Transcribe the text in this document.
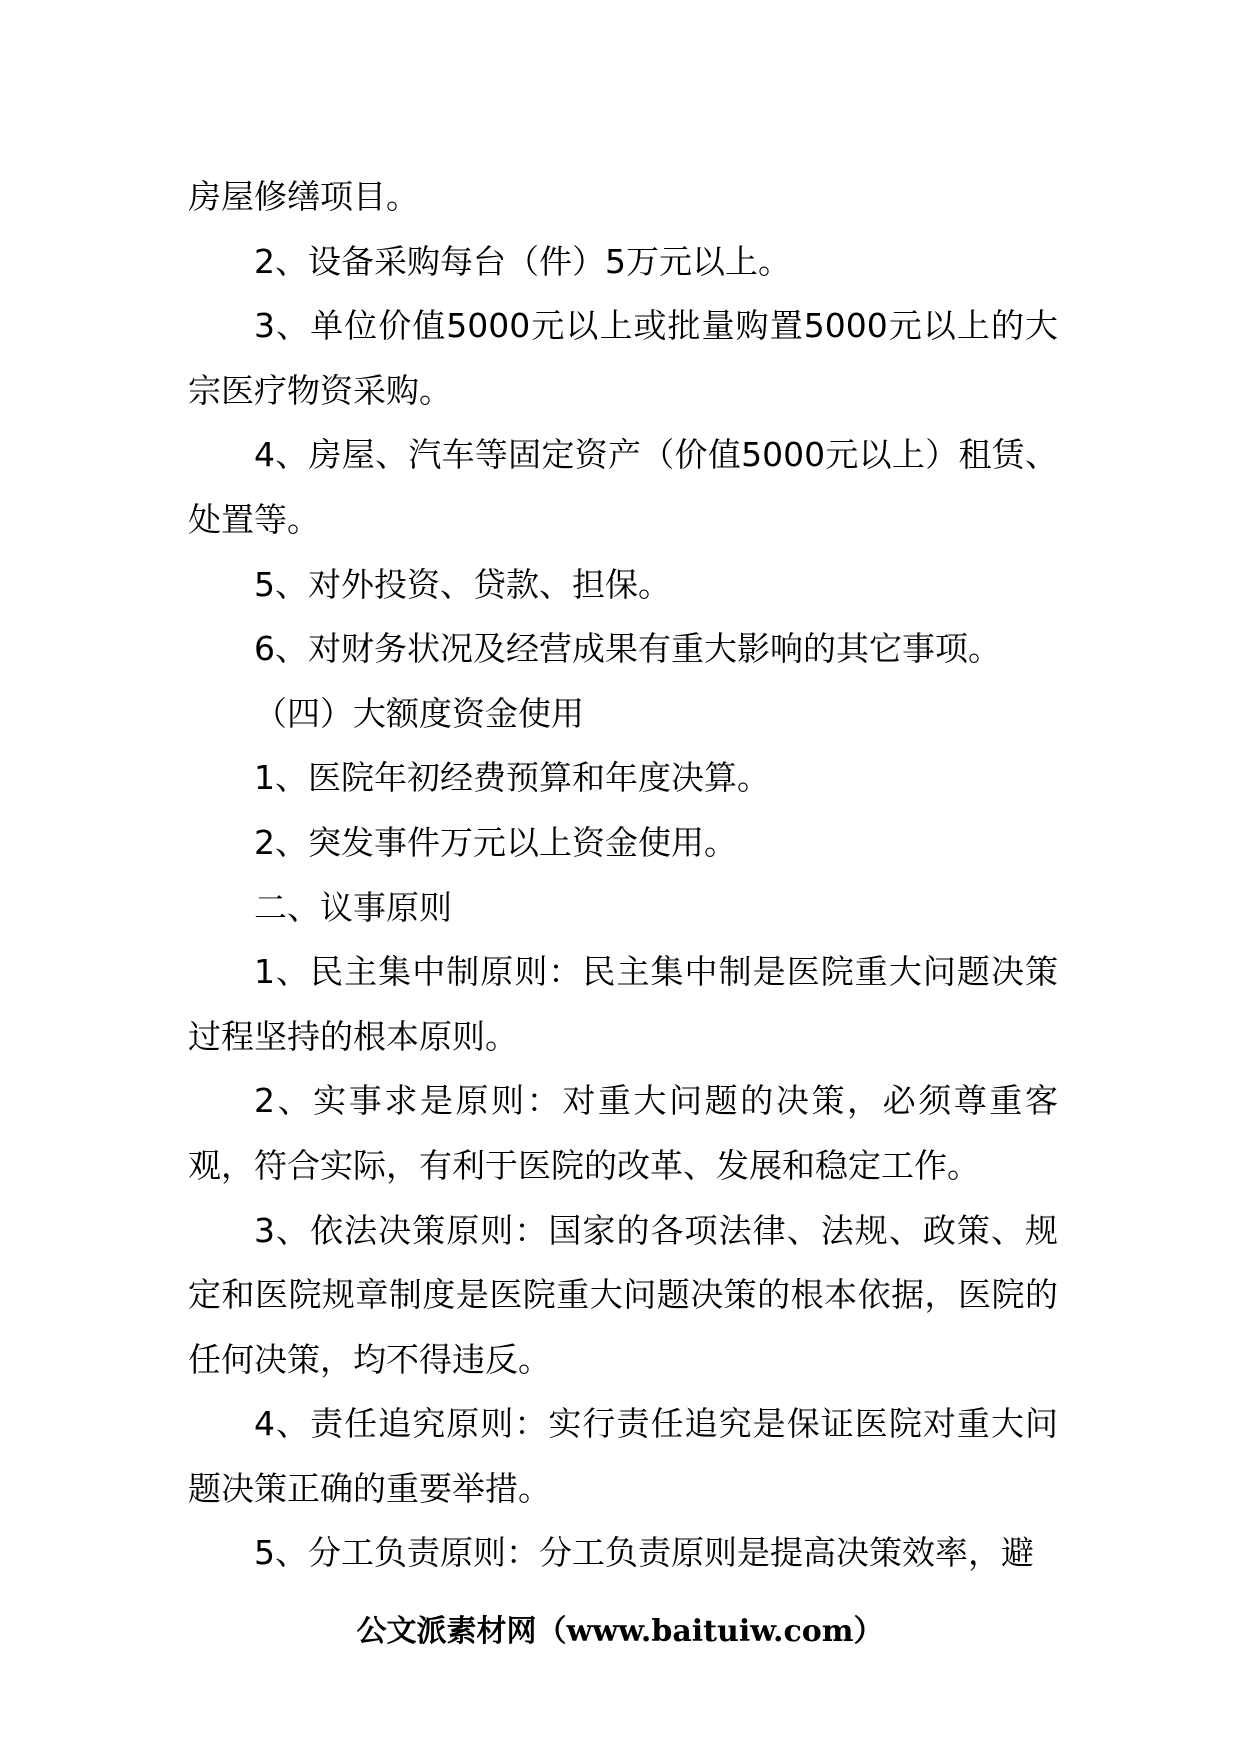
房屋修缮项目。

2、设备采购每台（件）5万元以上。

3、单位价值5000元以上或批量购置5000元以上的大宗医疗物资采购。

4、房屋、汽车等固定资产（价值5000元以上）租赁、处置等。

5、对外投资、贷款、担保。

6、对财务状况及经营成果有重大影响的其它事项。

（四）大额度资金使用

1、医院年初经费预算和年度决算。

2、突发事件万元以上资金使用。

二、议事原则

1、民主集中制原则：民主集中制是医院重大问题决策过程坚持的根本原则。

2、实事求是原则：对重大问题的决策，必须尊重客观，符合实际，有利于医院的改革、发展和稳定工作。

3、依法决策原则：国家的各项法律、法规、政策、规定和医院规章制度是医院重大问题决策的根本依据，医院的任何决策，均不得违反。

4、责任追究原则：实行责任追究是保证医院对重大问题决策正确的重要举措。

5、分工负责原则：分工负责原则是提高决策效率，避

公文派素材网（www.baituiw.com）
